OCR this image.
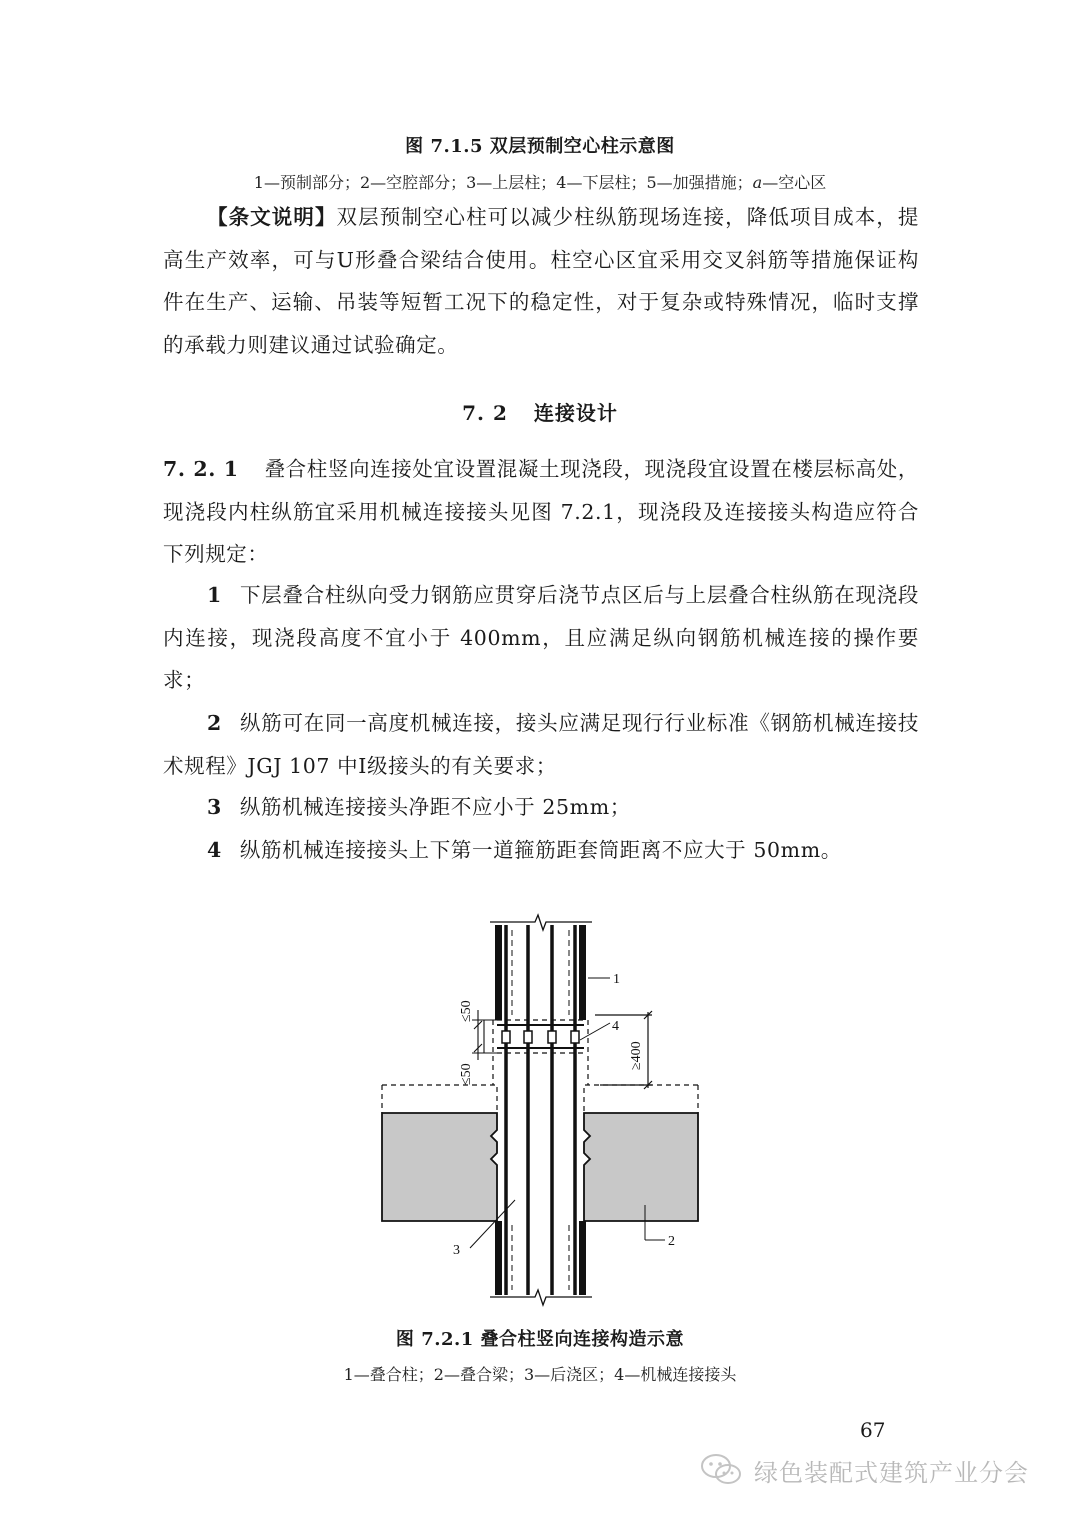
图 7.1.5 双层预制空心柱示意图
1—预制部分；2—空腔部分；3—上层柱；4—下层柱；5—加强措施；a—空心区
【条文说明】双层预制空心柱可以减少柱纵筋现场连接，降低项目成本，提高生产效率，可与U形叠合梁结合使用。柱空心区宜采用交叉斜筋等措施保证构件在生产、运输、吊装等短暂工况下的稳定性，对于复杂或特殊情况，临时支撑的承载力则建议通过试验确定。
7. 2 连接设计
7. 2. 1 叠合柱竖向连接处宜设置混凝土现浇段，现浇段宜设置在楼层标高处，现浇段内柱纵筋宜采用机械连接接头见图 7.2.1，现浇段及连接接头构造应符合下列规定：
1 下层叠合柱纵向受力钢筋应贯穿后浇节点区后与上层叠合柱纵筋在现浇段内连接，现浇段高度不宜小于 400mm，且应满足纵向钢筋机械连接的操作要求；
2 纵筋可在同一高度机械连接，接头应满足现行行业标准《钢筋机械连接技术规程》JGJ 107 中Ⅰ级接头的有关要求；
3 纵筋机械连接接头净距不应小于 25mm；
4 纵筋机械连接接头上下第一道箍筋距套筒距离不应大于 50mm。
1
4
3
2
≤50
≤50
≥400
图 7.2.1 叠合柱竖向连接构造示意
1—叠合柱；2—叠合梁；3—后浇区；4—机械连接接头
67
绿色装配式建筑产业分会
